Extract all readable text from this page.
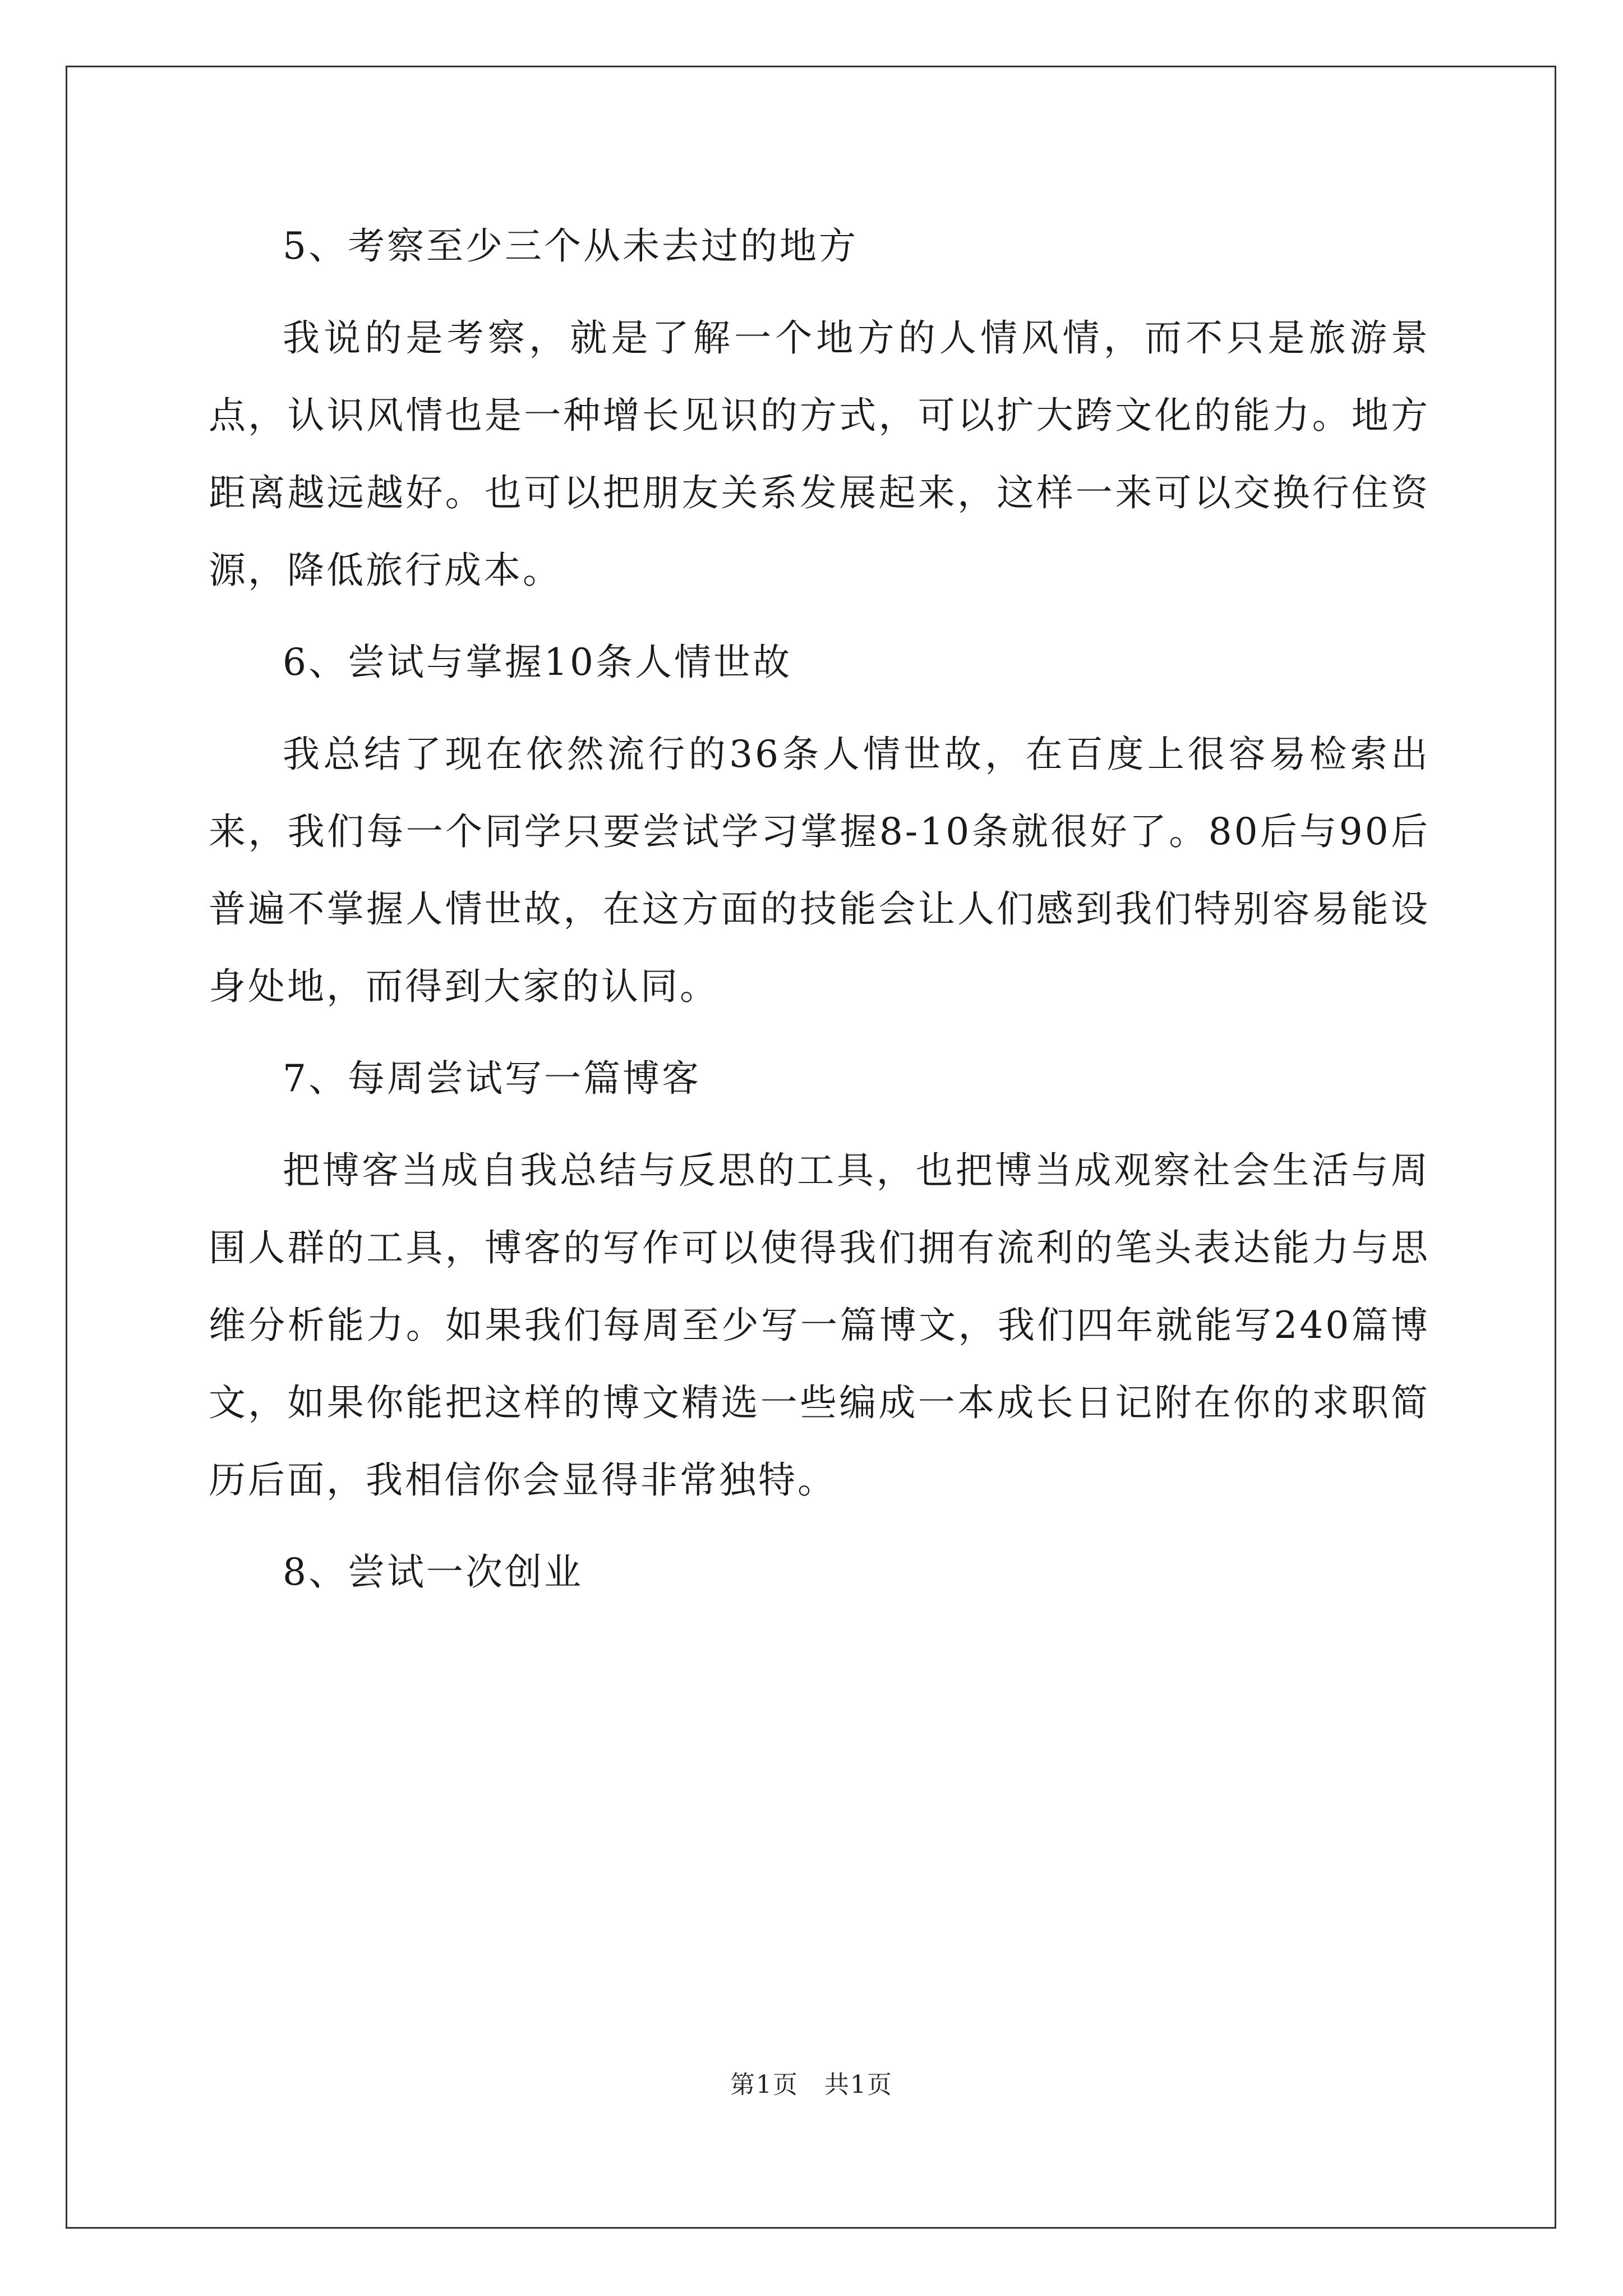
5、考察至少三个从未去过的地方

我说的是考察，就是了解一个地方的人情风情，而不只是旅游景点，认识风情也是一种增长见识的方式，可以扩大跨文化的能力。地方距离越远越好。也可以把朋友关系发展起来，这样一来可以交换行住资源，降低旅行成本。

6、尝试与掌握10条人情世故

我总结了现在依然流行的36条人情世故，在百度上很容易检索出来，我们每一个同学只要尝试学习掌握8-10条就很好了。80后与90后普遍不掌握人情世故，在这方面的技能会让人们感到我们特别容易能设身处地，而得到大家的认同。

7、每周尝试写一篇博客

把博客当成自我总结与反思的工具，也把博当成观察社会生活与周围人群的工具，博客的写作可以使得我们拥有流利的笔头表达能力与思维分析能力。如果我们每周至少写一篇博文，我们四年就能写240篇博文，如果你能把这样的博文精选一些编成一本成长日记附在你的求职简历后面，我相信你会显得非常独特。

8、尝试一次创业

第1页 共1页
